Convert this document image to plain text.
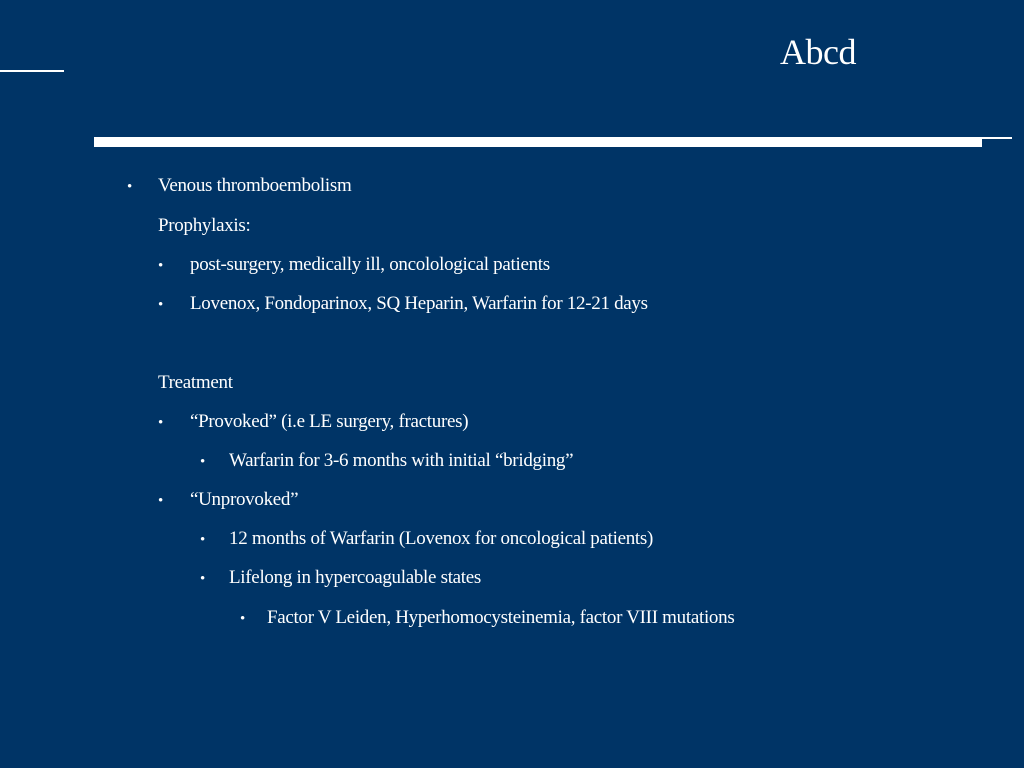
Abcd
• Venous thromboembolism
Prophylaxis:
• post-surgery, medically ill, oncolological patients
• Lovenox, Fondoparinox, SQ Heparin, Warfarin for 12-21 days
Treatment
• “Provoked” (i.e LE surgery, fractures)
• Warfarin for 3-6 months with initial “bridging”
• “Unprovoked”
• 12 months of Warfarin (Lovenox for oncological patients)
• Lifelong in hypercoagulable states
• Factor V Leiden, Hyperhomocysteinemia, factor VIII mutations
